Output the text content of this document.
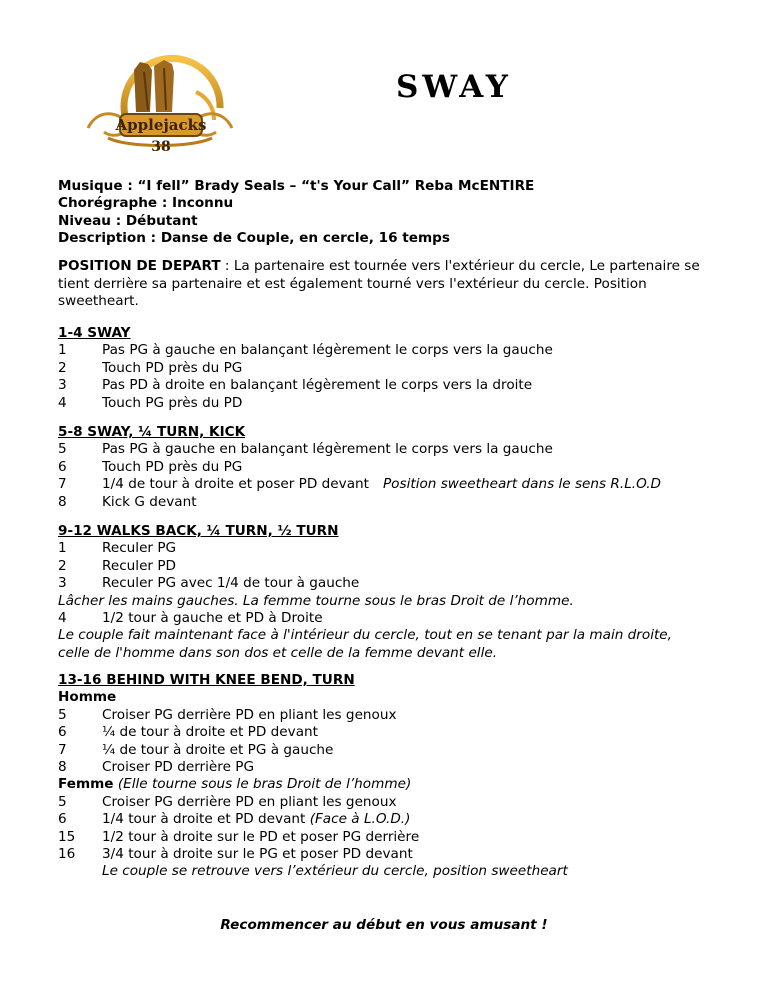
Applejacks
38
SWAY
Musique : “I fell” Brady Seals – “t's Your Call” Reba McENTIRE
Chorégraphe : Inconnu
Niveau : Débutant
Description : Danse de Couple, en cercle, 16 temps
POSITION DE DEPART : La partenaire est tournée vers l'extérieur du cercle, Le partenaire se tient derrière sa partenaire et est également tourné vers l'extérieur du cercle. Position sweetheart.
1-4 SWAY
1	Pas PG à gauche en balançant légèrement le corps vers la gauche
2	Touch PD près du PG
3	Pas PD à droite en balançant légèrement le corps vers la droite
4	Touch PG près du PD
5-8 SWAY, ¼ TURN, KICK
5	Pas PG à gauche en balançant légèrement le corps vers la gauche
6	Touch PD près du PG
7	1/4 de tour à droite et poser PD devant Position sweetheart dans le sens R.L.O.D
8	Kick G devant
9-12 WALKS BACK, ¼ TURN, ½ TURN
1	Reculer PG
2	Reculer PD
3	Reculer PG avec 1/4 de tour à gauche
Lâcher les mains gauches. La femme tourne sous le bras Droit de l’homme.
4	1/2 tour à gauche et PD à Droite
Le couple fait maintenant face à l'intérieur du cercle, tout en se tenant par la main droite,
celle de l'homme dans son dos et celle de la femme devant elle.
13-16 BEHIND WITH KNEE BEND, TURN
Homme
5	Croiser PG derrière PD en pliant les genoux
6	¼ de tour à droite et PD devant
7	¼ de tour à droite et PG à gauche
8	Croiser PD derrière PG
Femme (Elle tourne sous le bras Droit de l’homme)
5	Croiser PG derrière PD en pliant les genoux
6	1/4 tour à droite et PD devant (Face à L.O.D.)
15 1/2 tour à droite sur le PD et poser PG derrière
16 3/4 tour à droite sur le PG et poser PD devant
Le couple se retrouve vers l’extérieur du cercle, position sweetheart
Recommencer au début en vous amusant !
